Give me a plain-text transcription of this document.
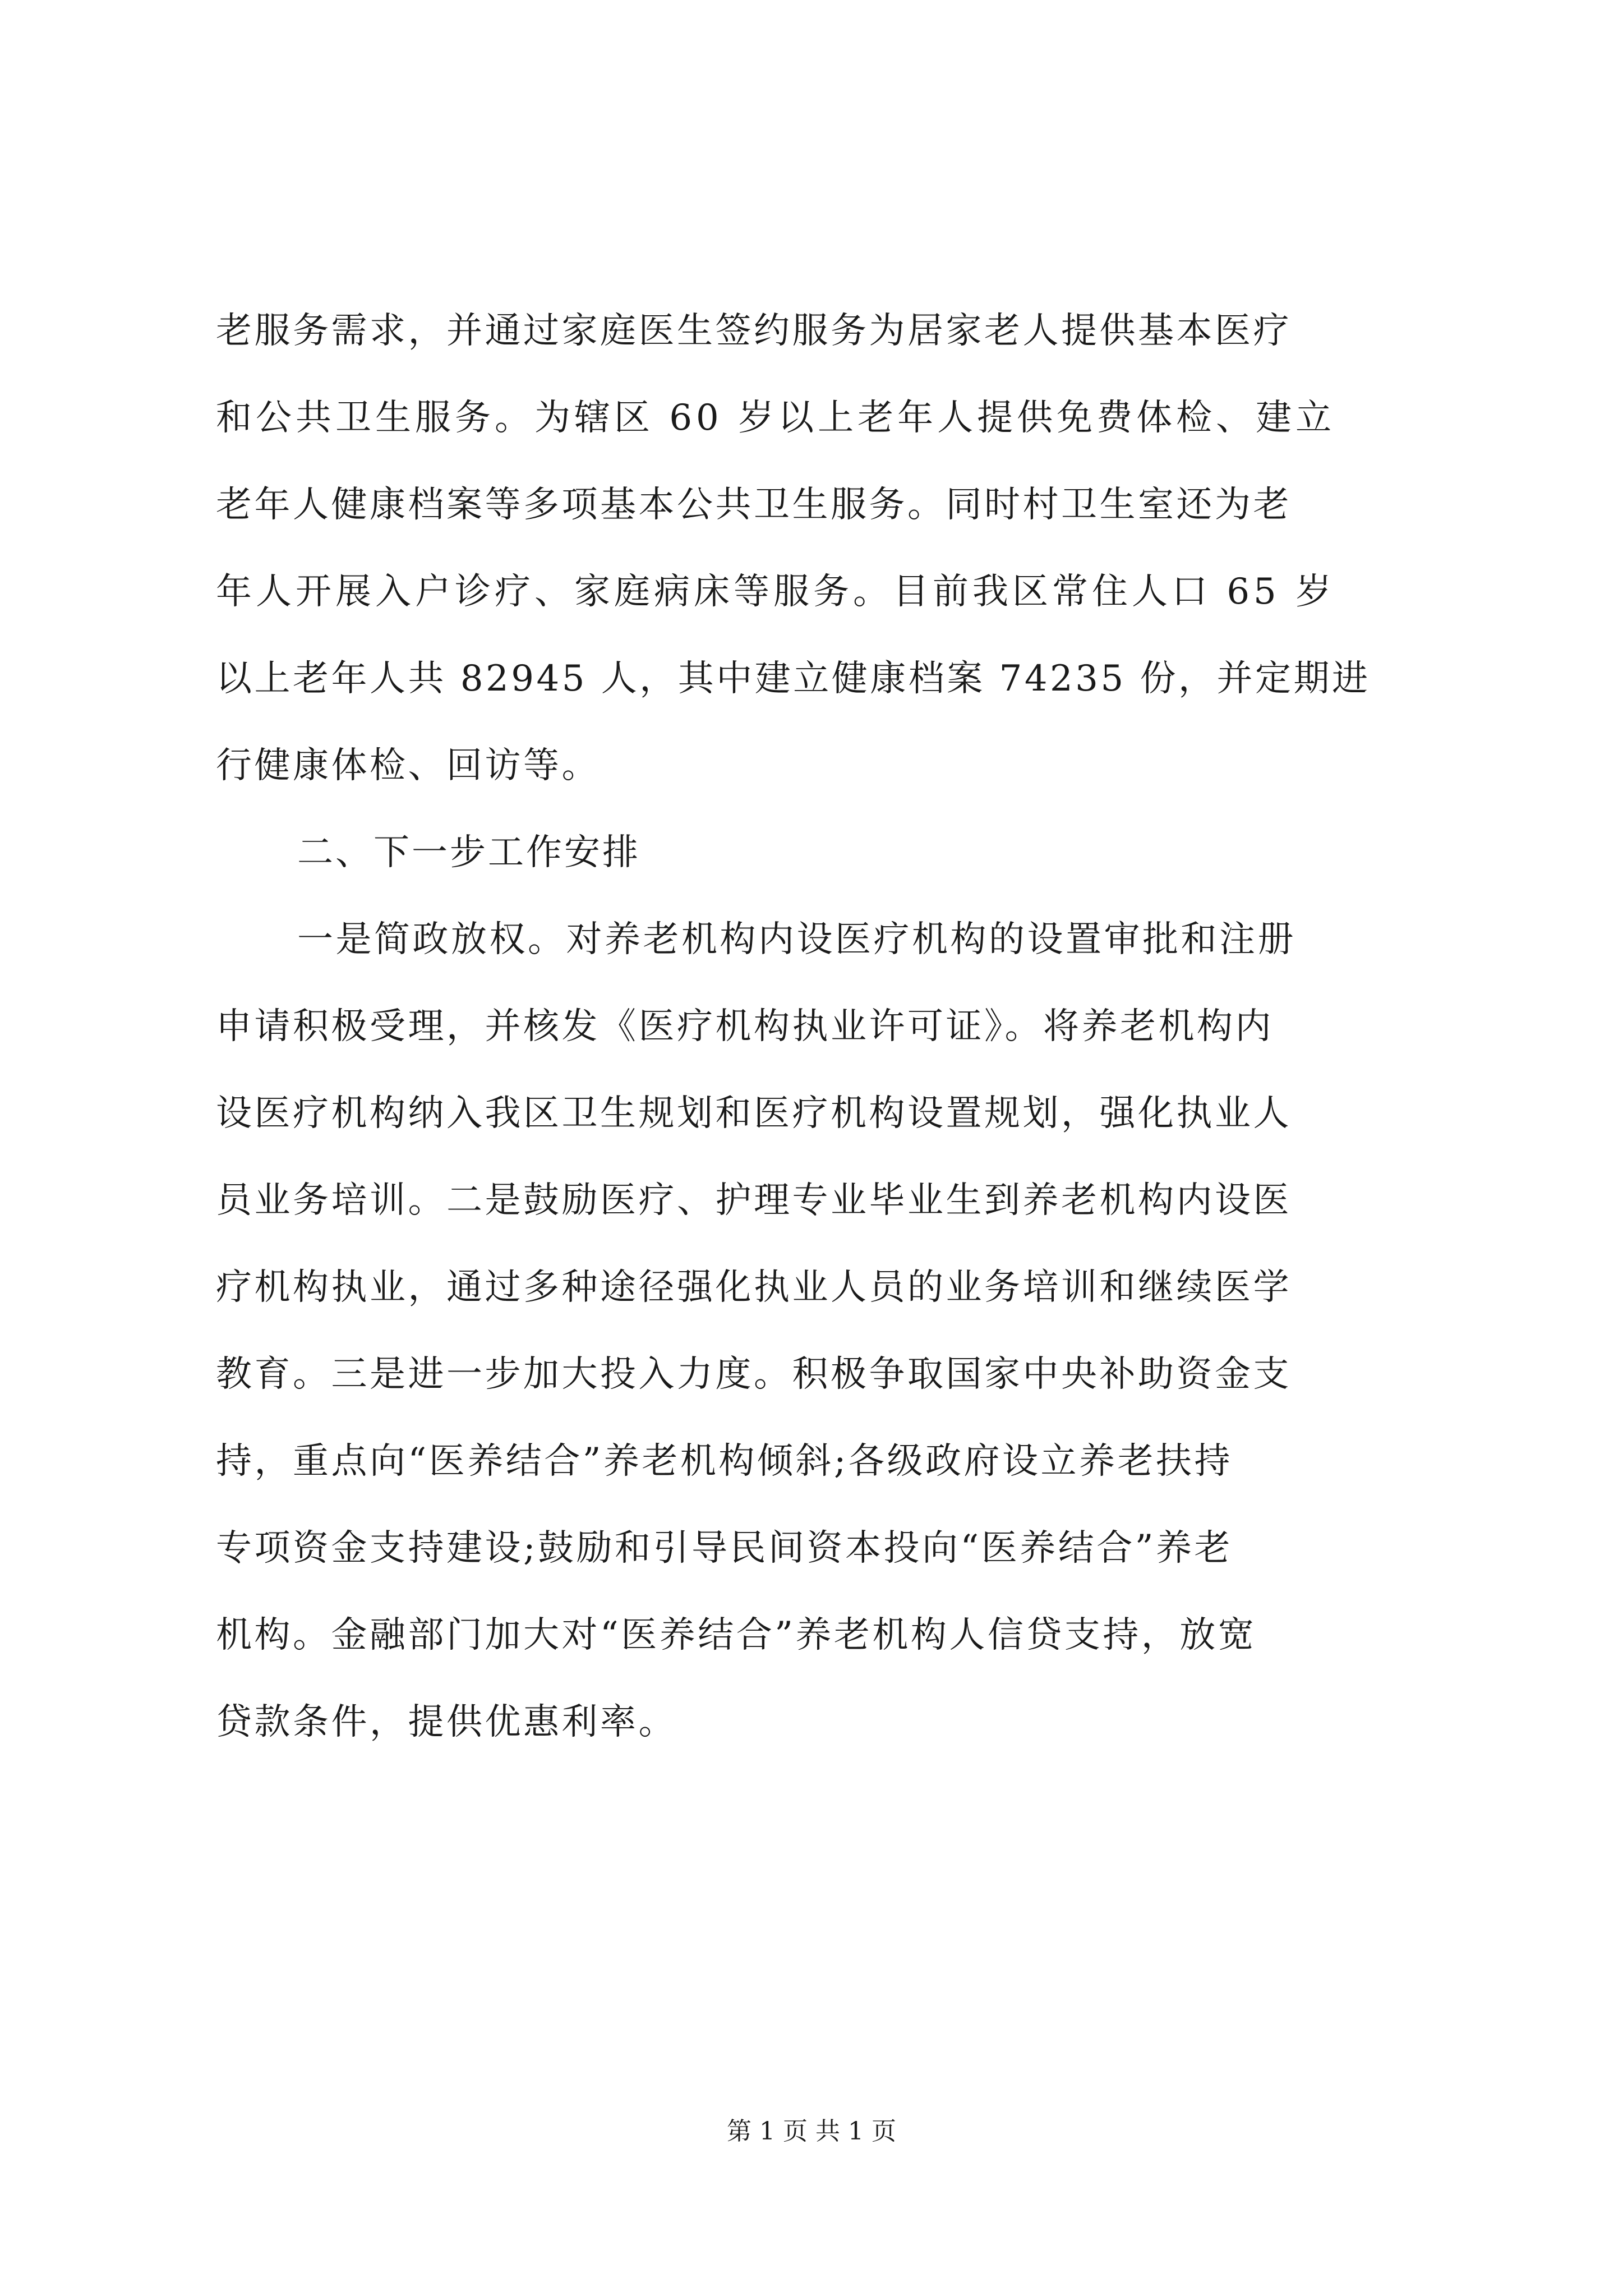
老服务需求，并通过家庭医生签约服务为居家老人提供基本医疗
和公共卫生服务。为辖区 60 岁以上老年人提供免费体检、建立
老年人健康档案等多项基本公共卫生服务。同时村卫生室还为老
年人开展入户诊疗、家庭病床等服务。目前我区常住人口 65 岁
以上老年人共 82945 人，其中建立健康档案 74235 份，并定期进
行健康体检、回访等。
二、下一步工作安排
一是简政放权。对养老机构内设医疗机构的设置审批和注册
申请积极受理，并核发《医疗机构执业许可证》。将养老机构内
设医疗机构纳入我区卫生规划和医疗机构设置规划，强化执业人
员业务培训。二是鼓励医疗、护理专业毕业生到养老机构内设医
疗机构执业，通过多种途径强化执业人员的业务培训和继续医学
教育。三是进一步加大投入力度。积极争取国家中央补助资金支
持，重点向“医养结合”养老机构倾斜;各级政府设立养老扶持
专项资金支持建设;鼓励和引导民间资本投向“医养结合”养老
机构。金融部门加大对“医养结合”养老机构人信贷支持，放宽
贷款条件，提供优惠利率。
第 1 页 共 1 页
